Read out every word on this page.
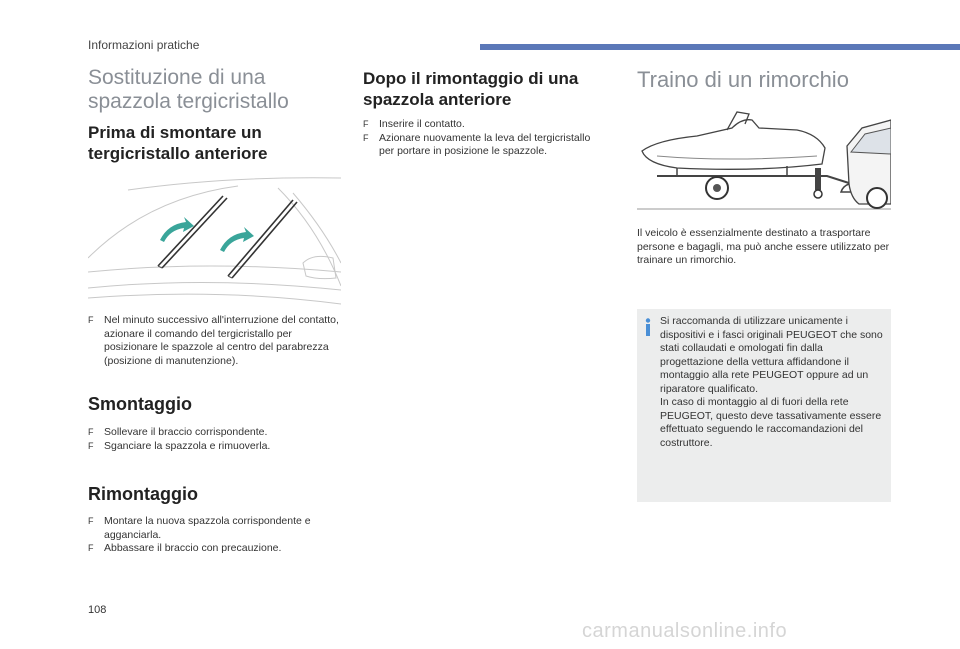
Informazioni pratiche
Sostituzione di una
spazzola tergicristallo
Prima di smontare un
tergicristallo anteriore
F Nel minuto successivo all'interruzione del contatto, azionare il comando del tergicristallo per posizionare le spazzole al centro del parabrezza (posizione di manutenzione).
Smontaggio
F Sollevare il braccio corrispondente.
F Sganciare la spazzola e rimuoverla.
Rimontaggio
F Montare la nuova spazzola corrispondente e agganciarla.
F Abbassare il braccio con precauzione.
Dopo il rimontaggio di una
spazzola anteriore
F Inserire il contatto.
F Azionare nuovamente la leva del tergicristallo per portare in posizione le spazzole.
Traino di un rimorchio

Il veicolo è essenzialmente destinato a trasportare persone e bagagli, ma può anche essere utilizzato per trainare un rimorchio.

Si raccomanda di utilizzare unicamente i dispositivi e i fasci originali PEUGEOT che sono stati collaudati e omologati fin dalla progettazione della vettura affidandone il montaggio alla rete PEUGEOT oppure ad un riparatore qualificato.
In caso di montaggio al di fuori della rete PEUGEOT, questo deve tassativamente essere effettuato seguendo le raccomandazioni del costruttore.
108
carmanualsonline.info
